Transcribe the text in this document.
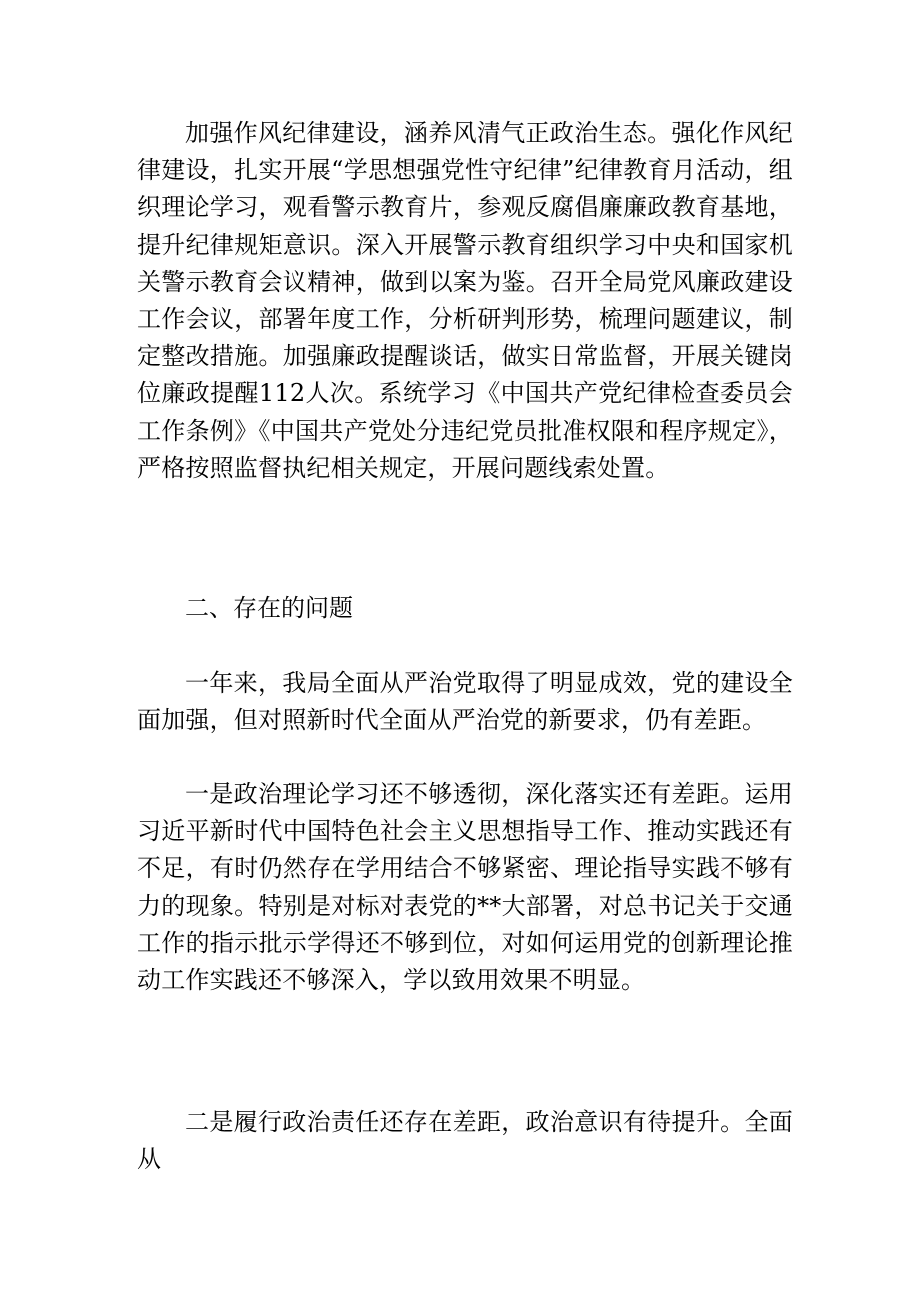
加强作风纪律建设，涵养风清气正政治生态。强化作风纪律建设，扎实开展“学思想强党性守纪律”纪律教育月活动，组织理论学习，观看警示教育片，参观反腐倡廉廉政教育基地，提升纪律规矩意识。深入开展警示教育组织学习中央和国家机关警示教育会议精神，做到以案为鉴。召开全局党风廉政建设工作会议，部署年度工作，分析研判形势，梳理问题建议，制定整改措施。加强廉政提醒谈话，做实日常监督，开展关键岗位廉政提醒112人次。系统学习《中国共产党纪律检查委员会工作条例》《中国共产党处分违纪党员批准权限和程序规定》，严格按照监督执纪相关规定，开展问题线索处置。

二、存在的问题

一年来，我局全面从严治党取得了明显成效，党的建设全面加强，但对照新时代全面从严治党的新要求，仍有差距。

一是政治理论学习还不够透彻，深化落实还有差距。运用习近平新时代中国特色社会主义思想指导工作、推动实践还有不足，有时仍然存在学用结合不够紧密、理论指导实践不够有力的现象。特别是对标对表党的**大部署，对总书记关于交通工作的指示批示学得还不够到位，对如何运用党的创新理论推动工作实践还不够深入，学以致用效果不明显。

二是履行政治责任还存在差距，政治意识有待提升。全面从
